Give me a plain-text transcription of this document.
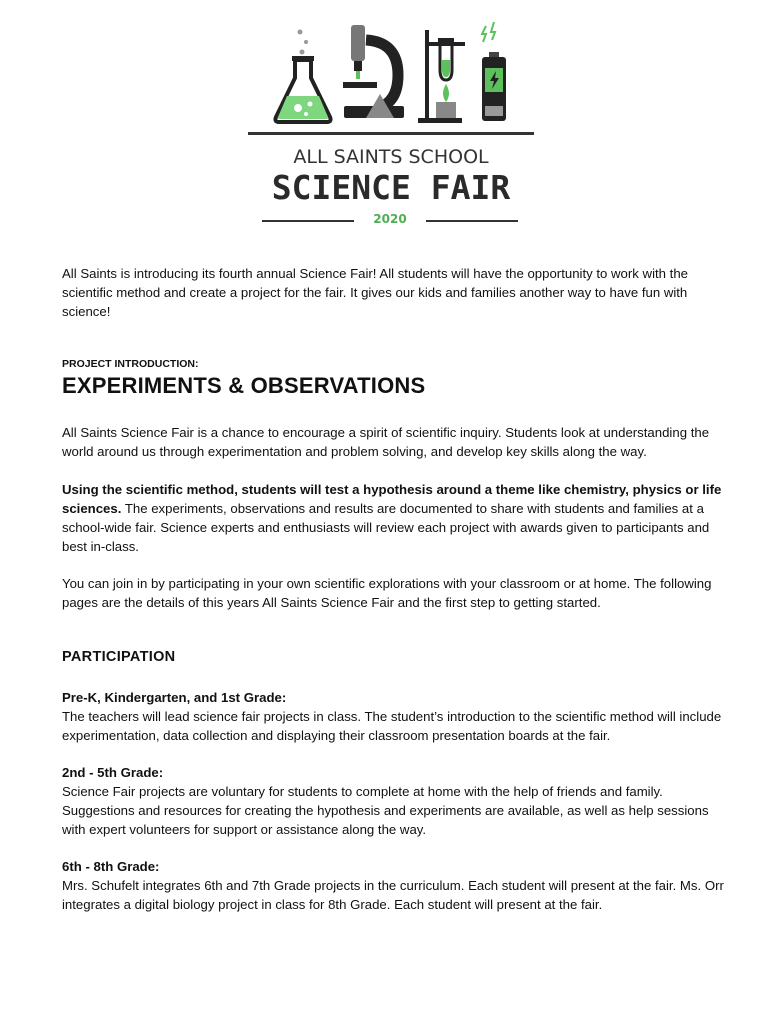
ALL SAINTS SCHOOL
SCIENCE FAIR
2020

All Saints is introducing its fourth annual Science Fair! All students will have the opportunity to work with the scientific method and create a project for the fair. It gives our kids and families another way to have fun with science!

PROJECT INTRODUCTION:

EXPERIMENTS & OBSERVATIONS

All Saints Science Fair is a chance to encourage a spirit of scientific inquiry. Students look at understanding the world around us through experimentation and problem solving, and develop key skills along the way.

Using the scientific method, students will test a hypothesis around a theme like chemistry, physics or life sciences. The experiments, observations and results are documented to share with students and families at a school-wide fair. Science experts and enthusiasts will review each project with awards given to participants and best in-class.

You can join in by participating in your own scientific explorations with your classroom or at home. The following pages are the details of this years All Saints Science Fair and the first step to getting started.

PARTICIPATION
Pre-K, Kindergarten, and 1st Grade:
The teachers will lead science fair projects in class. The student’s introduction to the scientific method will include experimentation, data collection and displaying their classroom presentation boards at the fair.
2nd - 5th Grade:
Science Fair projects are voluntary for students to complete at home with the help of friends and family. Suggestions and resources for creating the hypothesis and experiments are available, as well as help sessions with expert volunteers for support or assistance along the way.
6th - 8th Grade:
Mrs. Schufelt integrates 6th and 7th Grade projects in the curriculum. Each student will present at the fair. Ms. Orr integrates a digital biology project in class for 8th Grade. Each student will present at the fair.
